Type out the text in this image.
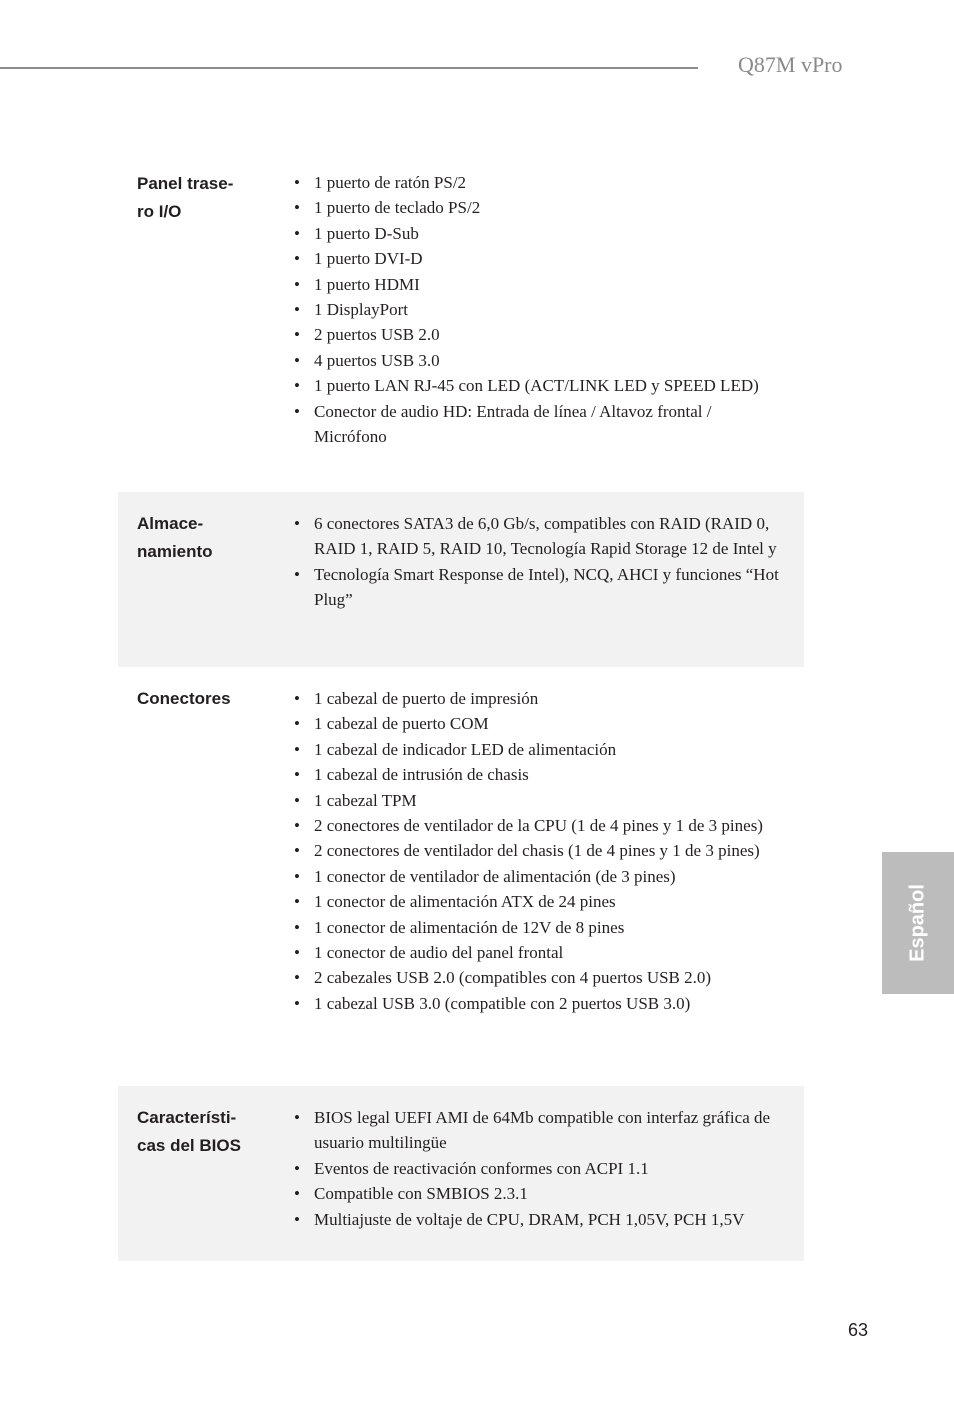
Q87M vPro
Panel trase-
ro I/O
• 1 puerto de ratón PS/2
• 1 puerto de teclado PS/2
• 1 puerto D-Sub
• 1 puerto DVI-D
• 1 puerto HDMI
• 1 DisplayPort
• 2 puertos USB 2.0
• 4 puertos USB 3.0
• 1 puerto LAN RJ-45 con LED (ACT/LINK LED y SPEED LED)
• Conector de audio HD: Entrada de línea / Altavoz frontal / Micrófono
Almace-
namiento
• 6 conectores SATA3 de 6,0 Gb/s, compatibles con RAID (RAID 0, RAID 1, RAID 5, RAID 10, Tecnología Rapid Storage 12 de Intel y
• Tecnología Smart Response de Intel), NCQ, AHCI y funciones “Hot Plug”
Conectores	• 1 cabezal de puerto de impresión
• 1 cabezal de puerto COM
• 1 cabezal de indicador LED de alimentación
• 1 cabezal de intrusión de chasis
• 1 cabezal TPM
• 2 conectores de ventilador de la CPU (1 de 4 pines y 1 de 3 pines)
• 2 conectores de ventilador del chasis (1 de 4 pines y 1 de 3 pines)
• 1 conector de ventilador de alimentación (de 3 pines)
• 1 conector de alimentación ATX de 24 pines
• 1 conector de alimentación de 12V de 8 pines
• 1 conector de audio del panel frontal
• 2 cabezales USB 2.0 (compatibles con 4 puertos USB 2.0)
• 1 cabezal USB 3.0 (compatible con 2 puertos USB 3.0)
Característi-
cas del BIOS
• BIOS legal UEFI AMI de 64Mb compatible con interfaz gráfica de usuario multilingüe
• Eventos de reactivación conformes con ACPI 1.1
• Compatible con SMBIOS 2.3.1
• Multiajuste de voltaje de CPU, DRAM, PCH 1,05V, PCH 1,5V
Español
63
